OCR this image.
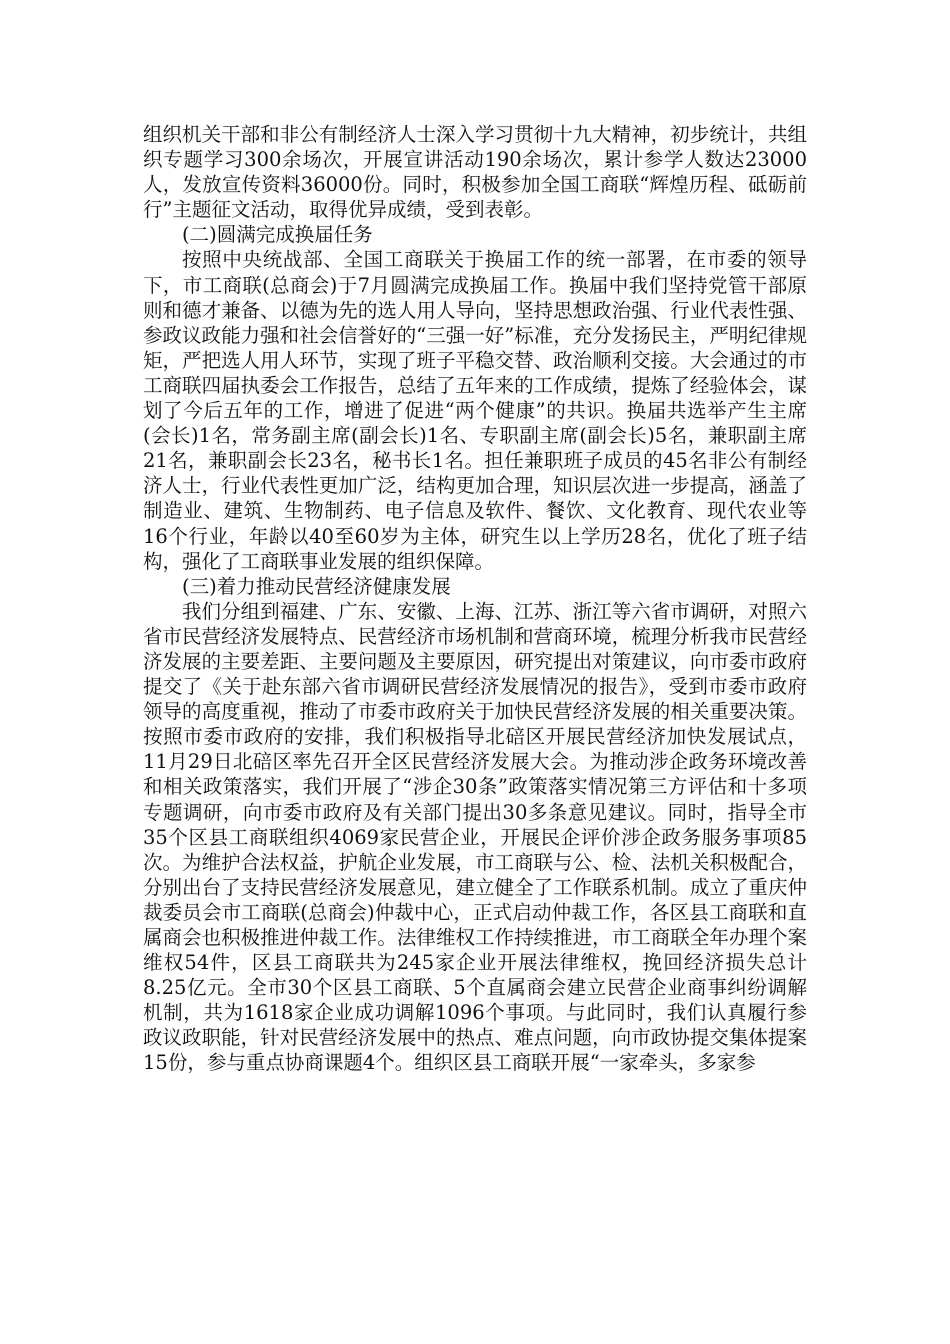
组织机关干部和非公有制经济人士深入学习贯彻十九大精神，初步统计，共组织专题学习300余场次，开展宣讲活动190余场次，累计参学人数达23000人，发放宣传资料36000份。同时，积极参加全国工商联“辉煌历程、砥砺前行”主题征文活动，取得优异成绩，受到表彰。

(二)圆满完成换届任务

按照中央统战部、全国工商联关于换届工作的统一部署，在市委的领导下，市工商联(总商会)于7月圆满完成换届工作。换届中我们坚持党管干部原则和德才兼备、以德为先的选人用人导向，坚持思想政治强、行业代表性强、参政议政能力强和社会信誉好的“三强一好”标准，充分发扬民主，严明纪律规矩，严把选人用人环节，实现了班子平稳交替、政治顺利交接。大会通过的市工商联四届执委会工作报告，总结了五年来的工作成绩，提炼了经验体会，谋划了今后五年的工作，增进了促进“两个健康”的共识。换届共选举产生主席(会长)1名，常务副主席(副会长)1名、专职副主席(副会长)5名，兼职副主席21名，兼职副会长23名，秘书长1名。担任兼职班子成员的45名非公有制经济人士，行业代表性更加广泛，结构更加合理，知识层次进一步提高，涵盖了制造业、建筑、生物制药、电子信息及软件、餐饮、文化教育、现代农业等16个行业，年龄以40至60岁为主体，研究生以上学历28名，优化了班子结构，强化了工商联事业发展的组织保障。

(三)着力推动民营经济健康发展

我们分组到福建、广东、安徽、上海、江苏、浙江等六省市调研，对照六省市民营经济发展特点、民营经济市场机制和营商环境，梳理分析我市民营经济发展的主要差距、主要问题及主要原因，研究提出对策建议，向市委市政府提交了《关于赴东部六省市调研民营经济发展情况的报告》，受到市委市政府领导的高度重视，推动了市委市政府关于加快民营经济发展的相关重要决策。按照市委市政府的安排，我们积极指导北碚区开展民营经济加快发展试点，11月29日北碚区率先召开全区民营经济发展大会。为推动涉企政务环境改善和相关政策落实，我们开展了“涉企30条”政策落实情况第三方评估和十多项专题调研，向市委市政府及有关部门提出30多条意见建议。同时，指导全市35个区县工商联组织4069家民营企业，开展民企评价涉企政务服务事项85次。为维护合法权益，护航企业发展，市工商联与公、检、法机关积极配合，分别出台了支持民营经济发展意见，建立健全了工作联系机制。成立了重庆仲裁委员会市工商联(总商会)仲裁中心，正式启动仲裁工作，各区县工商联和直属商会也积极推进仲裁工作。法律维权工作持续推进，市工商联全年办理个案维权54件，区县工商联共为245家企业开展法律维权，挽回经济损失总计8.25亿元。全市30个区县工商联、5个直属商会建立民营企业商事纠纷调解机制，共为1618家企业成功调解1096个事项。与此同时，我们认真履行参政议政职能，针对民营经济发展中的热点、难点问题，向市政协提交集体提案15份，参与重点协商课题4个。组织区县工商联开展“一家牵头，多家参
